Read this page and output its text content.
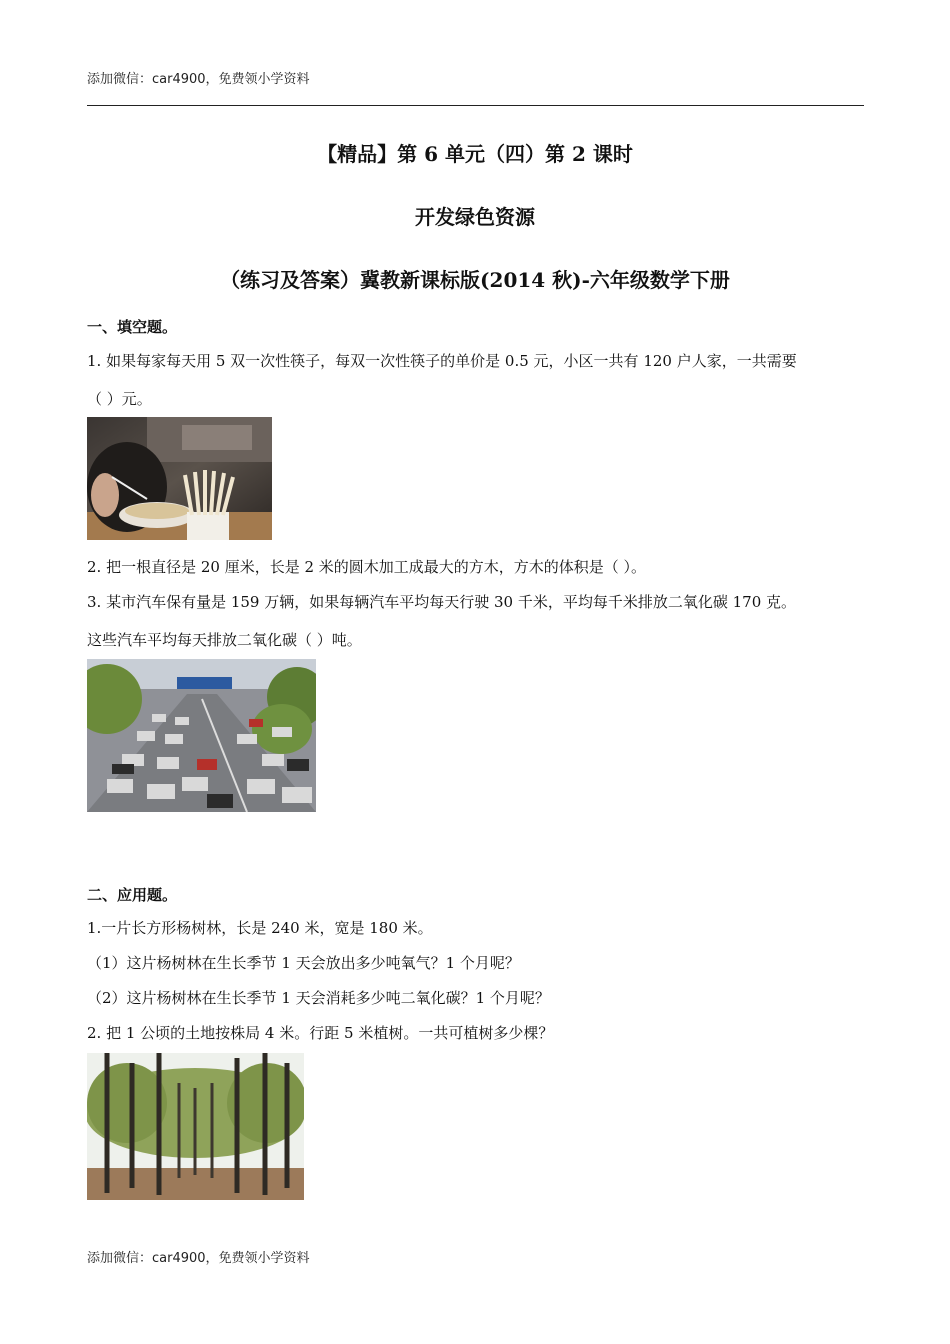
添加微信：car4900，免费领小学资料
【精品】第 6 单元（四）第 2 课时
开发绿色资源
（练习及答案）冀教新课标版(2014 秋)-六年级数学下册
一、填空题。
1. 如果每家每天用 5 双一次性筷子，每双一次性筷子的单价是 0.5 元，小区一共有 120 户人家，一共需要
（ ）元。
2. 把一根直径是 20 厘米，长是 2 米的圆木加工成最大的方木，方木的体积是（ ）。
3. 某市汽车保有量是 159 万辆，如果每辆汽车平均每天行驶 30 千米，平均每千米排放二氧化碳 170 克。
这些汽车平均每天排放二氧化碳（ ）吨。
二、应用题。
1.一片长方形杨树林，长是 240 米，宽是 180 米。
（1）这片杨树林在生长季节 1 天会放出多少吨氧气？1 个月呢？
（2）这片杨树林在生长季节 1 天会消耗多少吨二氧化碳？1 个月呢？
2. 把 1 公顷的土地按株局 4 米。行距 5 米植树。一共可植树多少棵？
添加微信：car4900，免费领小学资料
